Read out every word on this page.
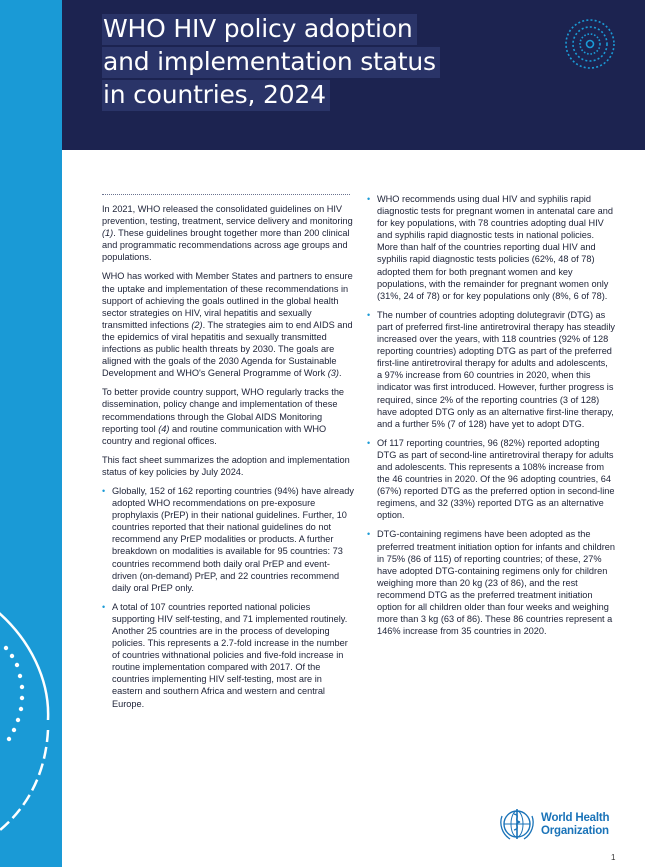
WHO HIV policy adoption
and implementation status
in countries, 2024

In 2021, WHO released the consolidated guidelines on HIV prevention, testing, treatment, service delivery and monitoring (1). These guidelines brought together more than 200 clinical and programmatic recommendations across age groups and populations.

WHO has worked with Member States and partners to ensure the uptake and implementation of these recommendations in support of achieving the goals outlined in the global health sector strategies on HIV, viral hepatitis and sexually transmitted infections (2). The strategies aim to end AIDS and the epidemics of viral hepatitis and sexually transmitted infections as public health threats by 2030. The goals are aligned with the goals of the 2030 Agenda for Sustainable Development and WHO's General Programme of Work (3).

To better provide country support, WHO regularly tracks the dissemination, policy change and implementation of these recommendations through the Global AIDS Monitoring reporting tool (4) and routine communication with WHO country and regional offices.

This fact sheet summarizes the adoption and implementation status of key policies by July 2024.

• Globally, 152 of 162 reporting countries (94%) have already adopted WHO recommendations on pre-exposure prophylaxis (PrEP) in their national guidelines. Further, 10 countries reported that their national guidelines do not recommend any PrEP modalities or products. A further breakdown on modalities is available for 95 countries: 73 countries recommend both daily oral PrEP and event-driven (on-demand) PrEP, and 22 countries recommend daily oral PrEP only.
• A total of 107 countries reported national policies supporting HIV self-testing, and 71 implemented routinely. Another 25 countries are in the process of developing policies. This represents a 2.7-fold increase in the number of countries withnational policies and five-fold increase in routine implementation compared with 2017. Of the countries implementing HIV self-testing, most are in eastern and southern Africa and western and central Europe.
• WHO recommends using dual HIV and syphilis rapid diagnostic tests for pregnant women in antenatal care and for key populations, with 78 countries adopting dual HIV and syphilis rapid diagnostic tests in national policies. More than half of the countries reporting dual HIV and syphilis rapid diagnostic tests policies (62%, 48 of 78) adopted them for both pregnant women and key populations, with the remainder for pregnant women only (31%, 24 of 78) or for key populations only (8%, 6 of 78).
• The number of countries adopting dolutegravir (DTG) as part of preferred first-line antiretroviral therapy has steadily increased over the years, with 118 countries (92% of 128 reporting countries) adopting DTG as part of the preferred first-line antiretroviral therapy for adults and adolescents, a 97% increase from 60 countries in 2020, when this indicator was first introduced. However, further progress is required, since 2% of the reporting countries (3 of 128) have adopted DTG only as an alternative first-line therapy, and a further 5% (7 of 128) have yet to adopt DTG.
• Of 117 reporting countries, 96 (82%) reported adopting DTG as part of second-line antiretroviral therapy for adults and adolescents. This represents a 108% increase from the 46 countries in 2020. Of the 96 adopting countries, 64 (67%) reported DTG as the preferred option in second-line regimens, and 32 (33%) reported DTG as an alternative option.
• DTG-containing regimens have been adopted as the preferred treatment initiation option for infants and children in 75% (86 of 115) of reporting countries; of these, 27% have adopted DTG-containing regimens only for children weighing more than 20 kg (23 of 86), and the rest recommend DTG as the preferred treatment initiation option for all children older than four weeks and weighing more than 3 kg (63 of 86). These 86 countries represent a 146% increase from 35 countries in 2020.
World Health
Organization
1
